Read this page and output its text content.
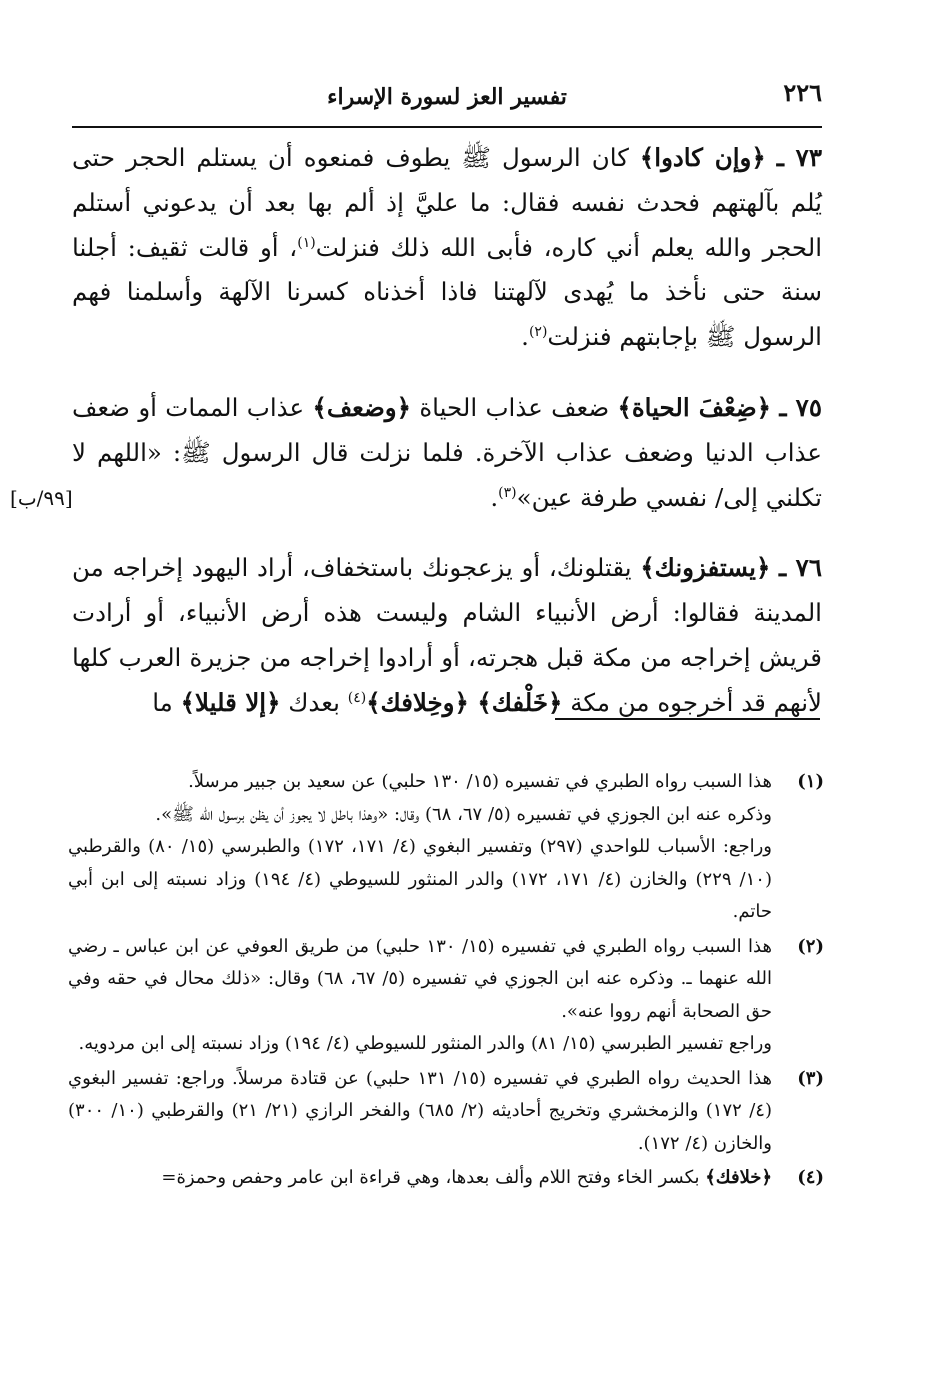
٢٢٦
تفسير العز لسورة الإسراء

٧٣ ـ ﴿وإن كادوا﴾ كان الرسول ﷺ يطوف فمنعوه أن يستلم الحجر حتى يُلم بآلهتهم فحدث نفسه فقال: ما عليَّ إذ ألم بها بعد أن يدعوني أستلم الحجر والله يعلم أني كاره، فأبى الله ذلك فنزلت$^{(١)}$، أو قالت ثقيف: أجلنا سنة حتى نأخذ ما يُهدى لآلهتنا فاذا أخذناه كسرنا الآلهة وأسلمنا فهم الرسول ﷺ بإجابتهم فنزلت$^{(٢)}$.

[٩٩/ب]
٧٥ ـ ﴿ضِعْفَ الحياة﴾ ضعف عذاب الحياة ﴿وضعف﴾ عذاب الممات أو ضعف عذاب الدنيا وضعف عذاب الآخرة. فلما نزلت قال الرسول ﷺ: «اللهم لا تكلني إلى/ نفسي طرفة عين»$^{(٣)}$.

٧٦ ـ ﴿يستفزونك﴾ يقتلونك، أو يزعجونك باستخفاف، أراد اليهود إخراجه من المدينة فقالوا: أرض الأنبياء الشام وليست هذه أرض الأنبياء، أو أرادت قريش إخراجه من مكة قبل هجرته، أو أرادوا إخراجه من جزيرة العرب كلها لأنهم قد أخرجوه من مكة ﴿خَلْفك﴾ ﴿وخِلافك﴾$^{(٤)}$ بعدك ﴿إلا قليلا﴾ ما

(١)

هذا السبب رواه الطبري في تفسيره (١٥/ ١٣٠ حلبي) عن سعيد بن جبير مرسلاً.

وذكره عنه ابن الجوزي في تفسيره (٥/ ٦٧، ٦٨) وقال: «وهذا باطل لا يجوز أن يظن برسول الله ﷺ».

وراجع: الأسباب للواحدي (٢٩٧) وتفسير البغوي (٤/ ١٧١، ١٧٢) والطبرسي (١٥/ ٨٠) والقرطبي (١٠/ ٢٢٩) والخازن (٤/ ١٧١، ١٧٢) والدر المنثور للسيوطي (٤/ ١٩٤) وزاد نسبته إلى ابن أبي حاتم.

(٢)

هذا السبب رواه الطبري في تفسيره (١٥/ ١٣٠ حلبي) من طريق العوفي عن ابن عباس ـ رضي الله عنهما ـ. وذكره عنه ابن الجوزي في تفسيره (٥/ ٦٧، ٦٨) وقال: «ذلك محال في حقه وفي حق الصحابة أنهم رووا عنه».

وراجع تفسير الطبرسي (١٥/ ٨١) والدر المنثور للسيوطي (٤/ ١٩٤) وزاد نسبته إلى ابن مردويه.

(٣)

هذا الحديث رواه الطبري في تفسيره (١٥/ ١٣١ حلبي) عن قتادة مرسلاً. وراجع: تفسير البغوي (٤/ ١٧٢) والزمخشري وتخريج أحاديثه (٢/ ٦٨٥) والفخر الرازي (٢١/ ٢١) والقرطبي (١٠/ ٣٠٠) والخازن (٤/ ١٧٢).

(٤)

﴿خلافك﴾ بكسر الخاء وفتح اللام وألف بعدها، وهي قراءة ابن عامر وحفص وحمزة=
